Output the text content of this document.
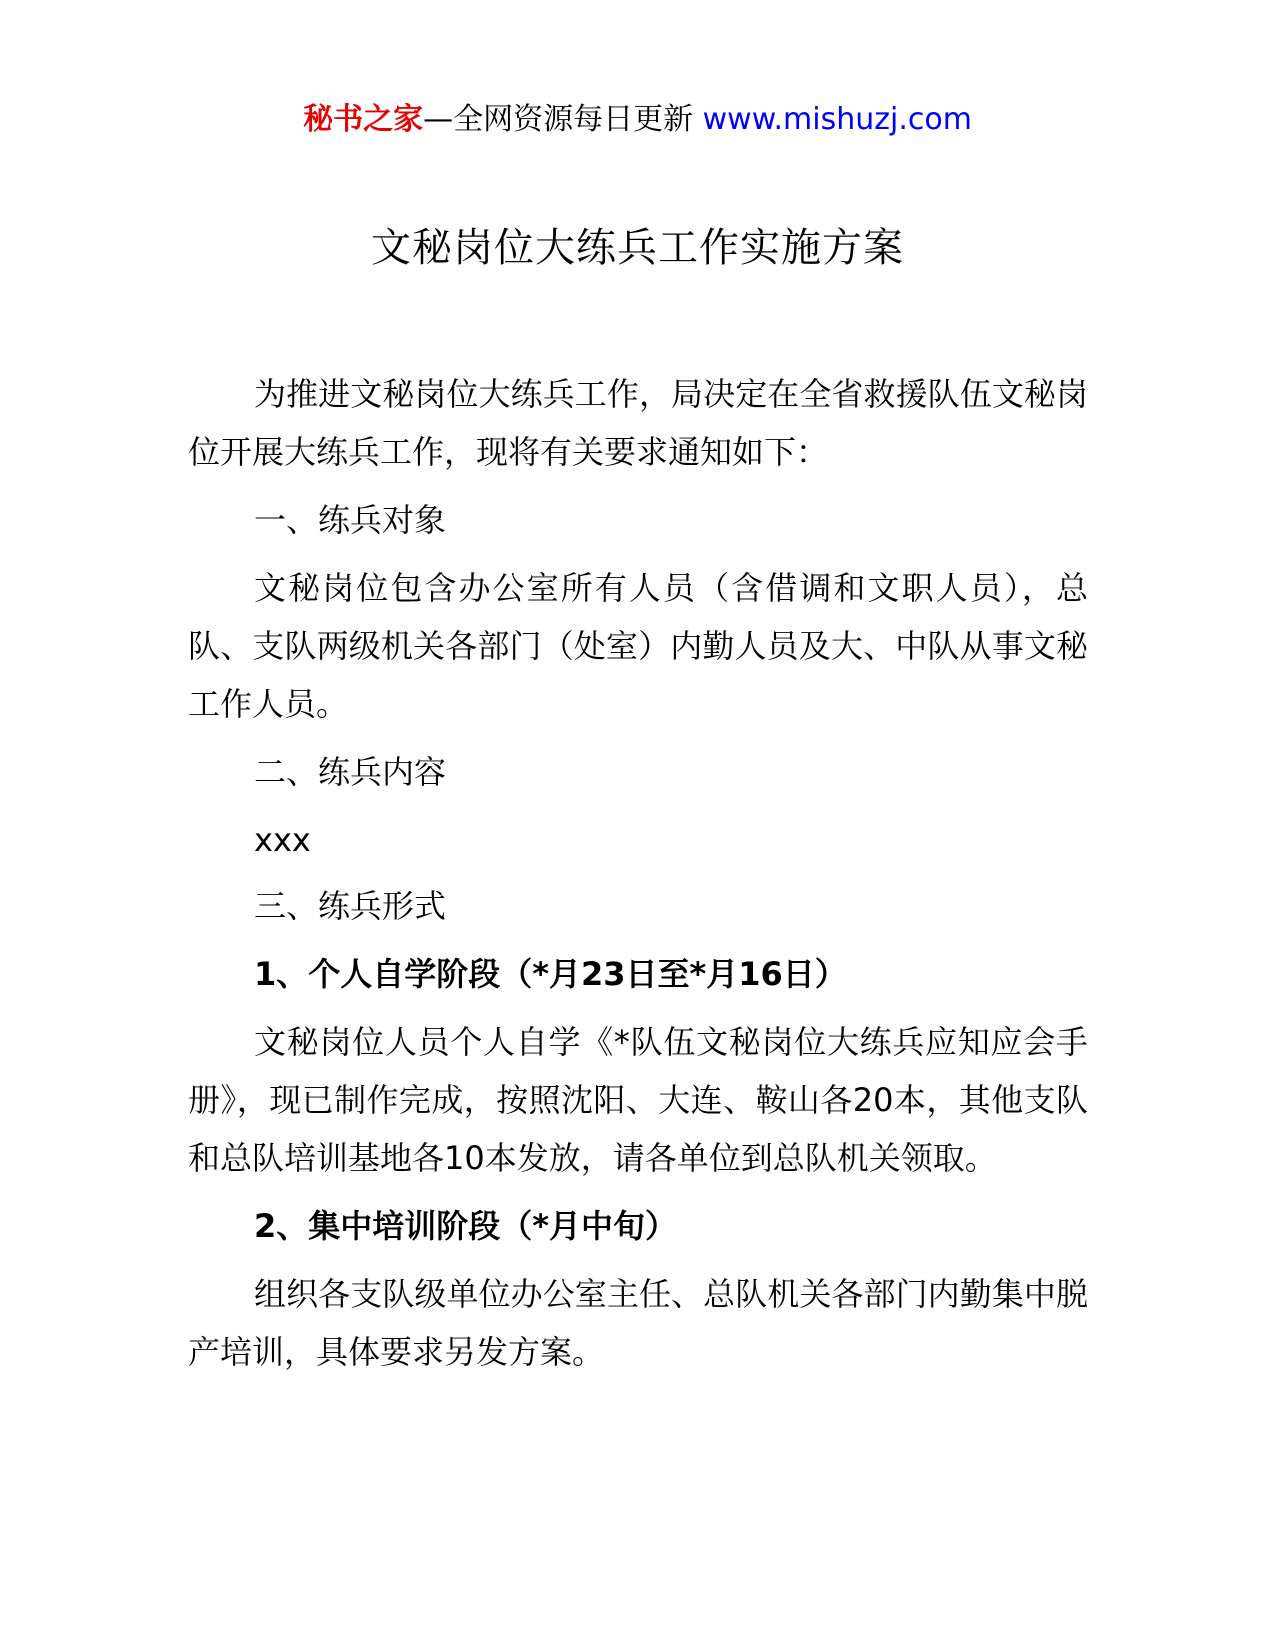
秘书之家—全网资源每日更新 www.mishuzj.com
文秘岗位大练兵工作实施方案

为推进文秘岗位大练兵工作，局决定在全省救援队伍文秘岗位开展大练兵工作，现将有关要求通知如下：

一、练兵对象

文秘岗位包含办公室所有人员（含借调和文职人员），总队、支队两级机关各部门（处室）内勤人员及大、中队从事文秘工作人员。

二、练兵内容

xxx

三、练兵形式

1、个人自学阶段（*月23日至*月16日）

文秘岗位人员个人自学《*队伍文秘岗位大练兵应知应会手册》，现已制作完成，按照沈阳、大连、鞍山各20本，其他支队和总队培训基地各10本发放，请各单位到总队机关领取。

2、集中培训阶段（*月中旬）

组织各支队级单位办公室主任、总队机关各部门内勤集中脱产培训，具体要求另发方案。
